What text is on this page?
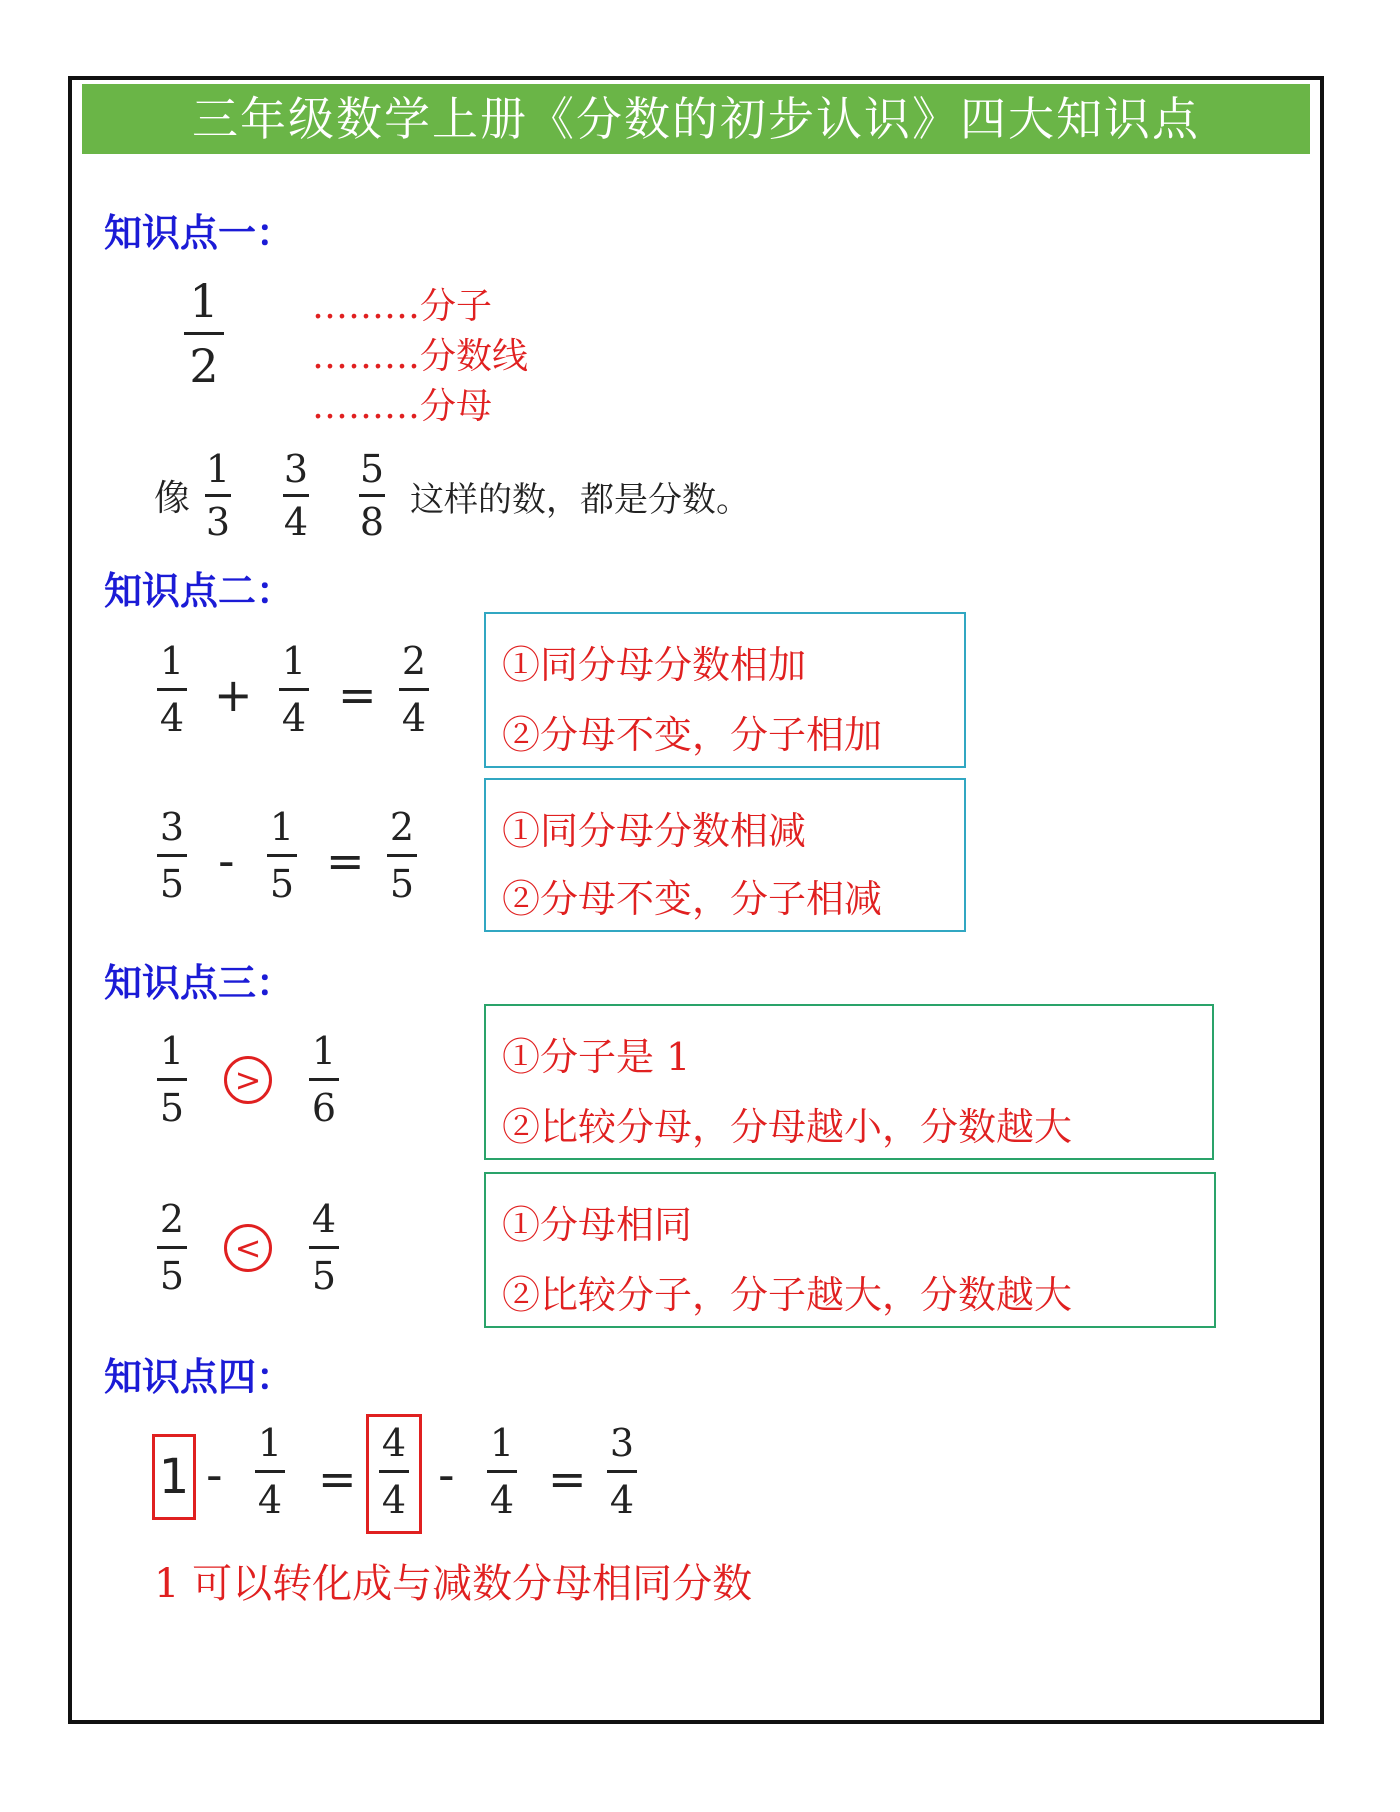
三年级数学上册《分数的初步认识》四大知识点
知识点一：
1
2
………分子
………分数线
………分母
像
1
3
3
4
5
8 这样的数，都是分数。
知识点二：
1
4 +
1
4 =
2
4
①同分母分数相加
②分母不变，分子相加
3
5 -
1
5 =
2
5
①同分母分数相减
②分母不变，分子相减
知识点三：
1
5
>
1
6
①分子是 1
②比较分母，分母越小，分数越大
2
5
<
4
5
①分母相同
②比较分子，分子越大，分数越大
知识点四：
1 -
1
4 =
4
4 -
1
4 =
3
4
1 可以转化成与减数分母相同分数
